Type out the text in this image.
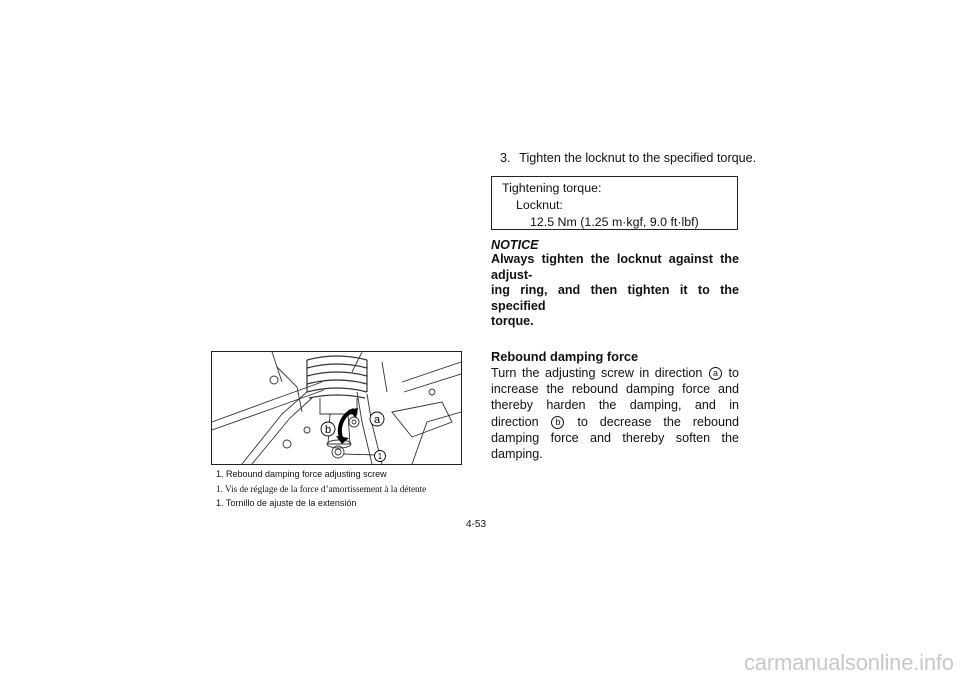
3. Tighten the locknut to the specified torque.
Tightening torque:
Locknut:
12.5 Nm (1.25 m·kgf, 9.0 ft·lbf)
NOTICE
Always tighten the locknut against the adjust-
ing ring, and then tighten it to the specified
torque.
Rebound damping force
Turn the adjusting screw in direction a to increase the rebound damping force and thereby harden the damping, and in direction b to decrease the rebound damping force and thereby soften the damping.
a
b
1
1. Rebound damping force adjusting screw
1. Vis de réglage de la force d’amortissement à la détente
1. Tornillo de ajuste de la extensión
4-53
carmanualsonline.info
